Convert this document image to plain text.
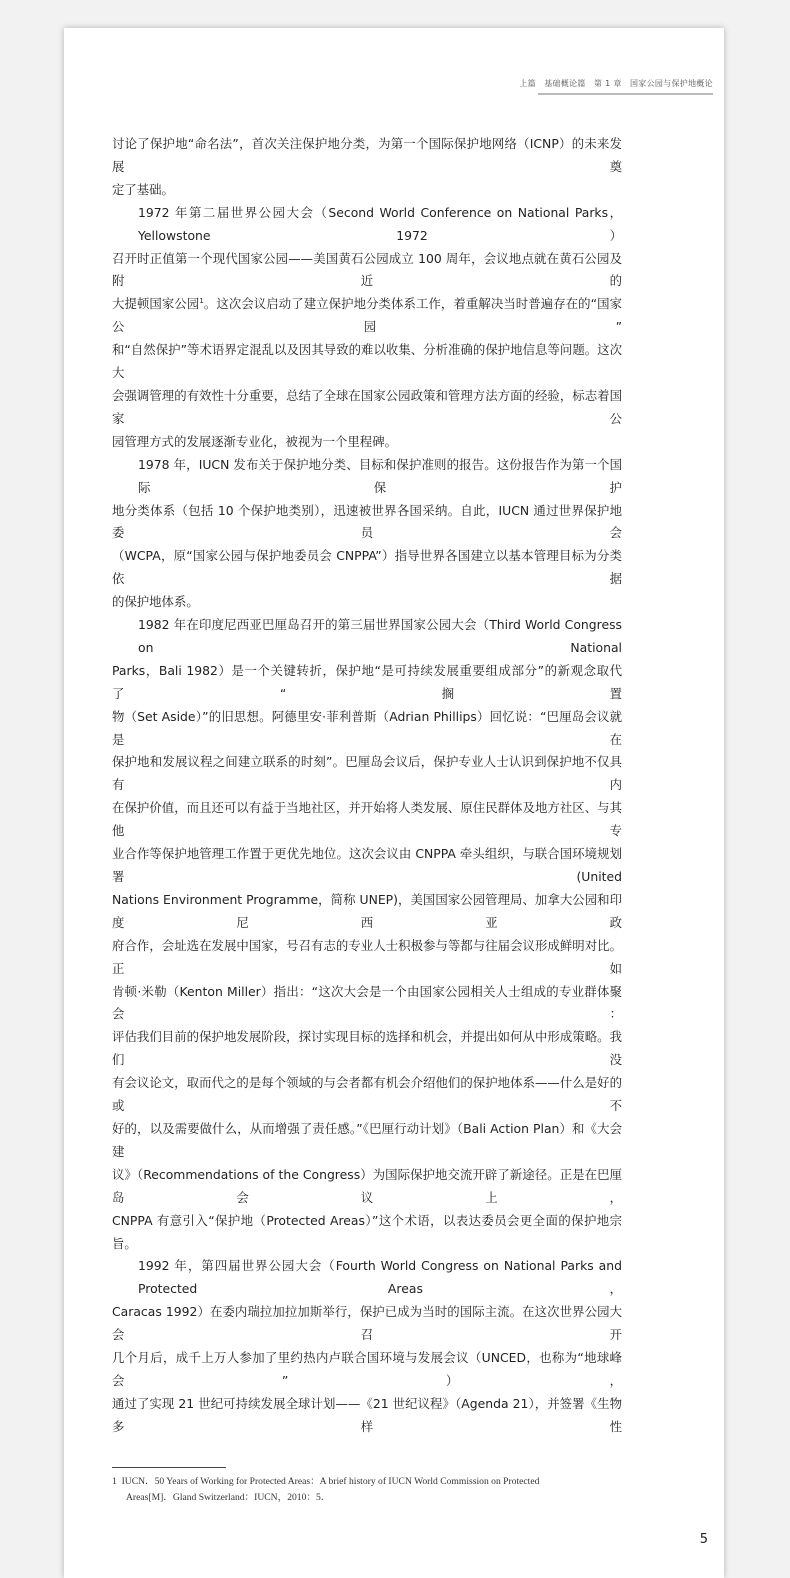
上篇　基础概论篇　第 1 章　国家公园与保护地概论
讨论了保护地“命名法”，首次关注保护地分类，为第一个国际保护地网络（ICNP）的未来发展奠
定了基础。
1972 年第二届世界公园大会（Second World Conference on National Parks，Yellowstone 1972）
召开时正值第一个现代国家公园——美国黄石公园成立 100 周年，会议地点就在黄石公园及附近的
大提顿国家公园$^1$。这次会议启动了建立保护地分类体系工作，着重解决当时普遍存在的“国家公园”
和“自然保护”等术语界定混乱以及因其导致的难以收集、分析准确的保护地信息等问题。这次大
会强调管理的有效性十分重要，总结了全球在国家公园政策和管理方法方面的经验，标志着国家公
园管理方式的发展逐渐专业化，被视为一个里程碑。
1978 年，IUCN 发布关于保护地分类、目标和保护准则的报告。这份报告作为第一个国际保护
地分类体系（包括 10 个保护地类别），迅速被世界各国采纳。自此，IUCN 通过世界保护地委员会
（WCPA，原“国家公园与保护地委员会 CNPPA”）指导世界各国建立以基本管理目标为分类依据
的保护地体系。
1982 年在印度尼西亚巴厘岛召开的第三届世界国家公园大会（Third World Congress on National
Parks，Bali 1982）是一个关键转折，保护地“是可持续发展重要组成部分”的新观念取代了“搁置
物（Set Aside）”的旧思想。阿德里安·菲利普斯（Adrian Phillips）回忆说：“巴厘岛会议就是在
保护地和发展议程之间建立联系的时刻”。巴厘岛会议后，保护专业人士认识到保护地不仅具有内
在保护价值，而且还可以有益于当地社区，并开始将人类发展、原住民群体及地方社区、与其他专
业合作等保护地管理工作置于更优先地位。这次会议由 CNPPA 牵头组织，与联合国环境规划署 (United
Nations Environment Programme，简称 UNEP)，美国国家公园管理局、加拿大公园和印度尼西亚政
府合作，会址选在发展中国家，号召有志的专业人士积极参与等都与往届会议形成鲜明对比。正如
肯顿·米勒（Kenton Miller）指出：“这次大会是一个由国家公园相关人士组成的专业群体聚会：
评估我们目前的保护地发展阶段，探讨实现目标的选择和机会，并提出如何从中形成策略。我们没
有会议论文，取而代之的是每个领域的与会者都有机会介绍他们的保护地体系——什么是好的或不
好的，以及需要做什么，从而增强了责任感。”《巴厘行动计划》（Bali Action Plan）和《大会建
议》（Recommendations of the Congress）为国际保护地交流开辟了新途径。正是在巴厘岛会议上，
CNPPA 有意引入“保护地（Protected Areas）”这个术语，以表达委员会更全面的保护地宗旨。
1992 年，第四届世界公园大会（Fourth World Congress on National Parks and Protected Areas，
Caracas 1992）在委内瑞拉加拉加斯举行，保护已成为当时的国际主流。在这次世界公园大会召开
几个月后，成千上万人参加了里约热内卢联合国环境与发展会议（UNCED，也称为“地球峰会”），
通过了实现 21 世纪可持续发展全球计划——《21 世纪议程》（Agenda 21），并签署《生物多样性
1 IUCN．50 Years of Working for Protected Areas：A brief history of IUCN World Commission on Protected
Areas[M]．Gland Switzerland：IUCN，2010：5．
5
